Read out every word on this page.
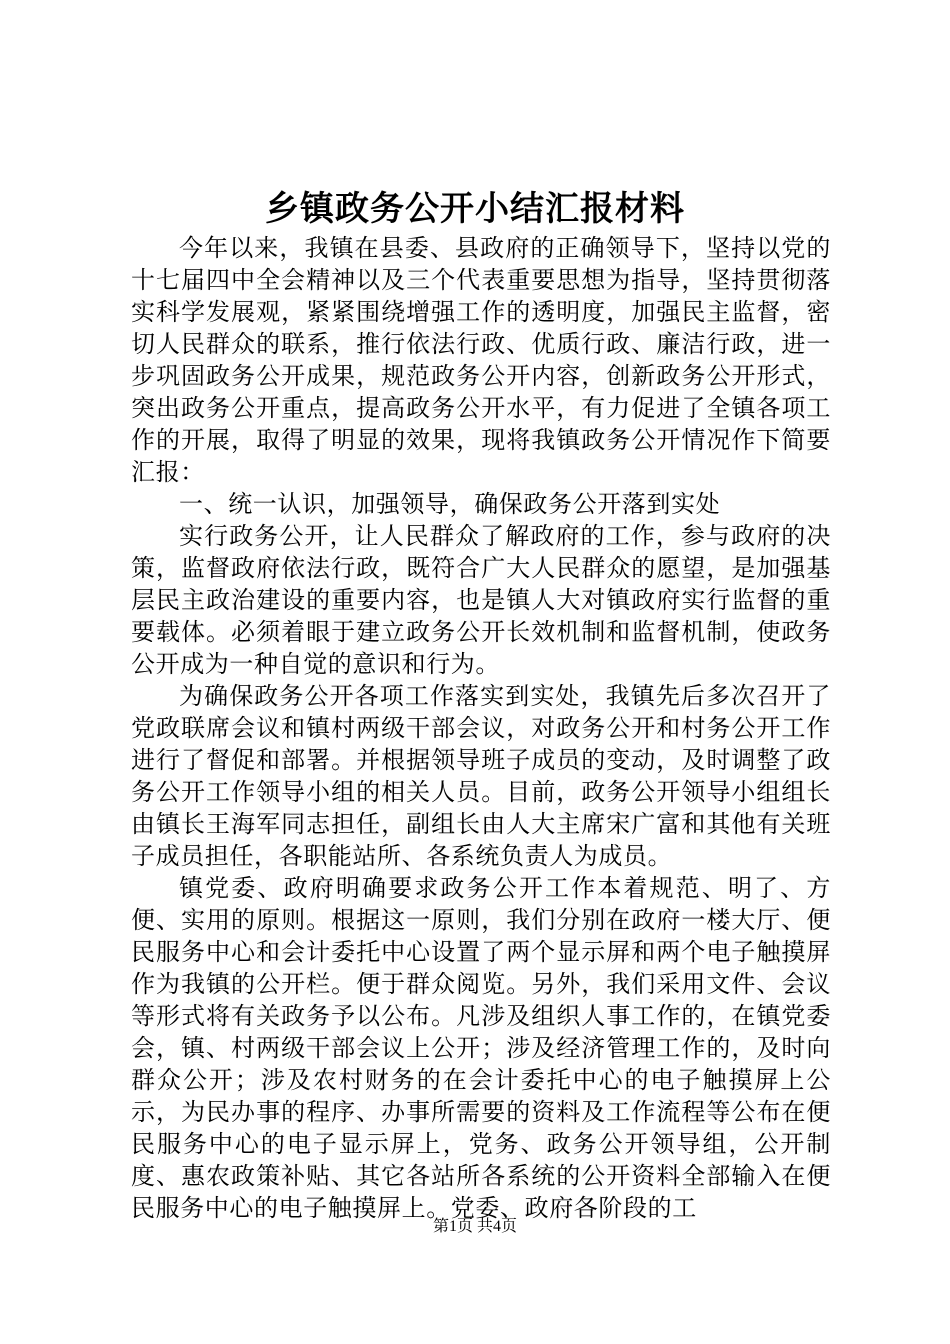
乡镇政务公开小结汇报材料

今年以来，我镇在县委、县政府的正确领导下，坚持以党的十七届四中全会精神以及三个代表重要思想为指导，坚持贯彻落实科学发展观，紧紧围绕增强工作的透明度，加强民主监督，密切人民群众的联系，推行依法行政、优质行政、廉洁行政，进一步巩固政务公开成果，规范政务公开内容，创新政务公开形式，突出政务公开重点，提高政务公开水平，有力促进了全镇各项工作的开展，取得了明显的效果，现将我镇政务公开情况作下简要汇报：

一、统一认识，加强领导，确保政务公开落到实处

实行政务公开，让人民群众了解政府的工作，参与政府的决策，监督政府依法行政，既符合广大人民群众的愿望，是加强基层民主政治建设的重要内容，也是镇人大对镇政府实行监督的重要载体。必须着眼于建立政务公开长效机制和监督机制，使政务公开成为一种自觉的意识和行为。

为确保政务公开各项工作落实到实处，我镇先后多次召开了党政联席会议和镇村两级干部会议，对政务公开和村务公开工作进行了督促和部署。并根据领导班子成员的变动，及时调整了政务公开工作领导小组的相关人员。目前，政务公开领导小组组长由镇长王海军同志担任，副组长由人大主席宋广富和其他有关班子成员担任，各职能站所、各系统负责人为成员。

镇党委、政府明确要求政务公开工作本着规范、明了、方便、实用的原则。根据这一原则，我们分别在政府一楼大厅、便民服务中心和会计委托中心设置了两个显示屏和两个电子触摸屏作为我镇的公开栏。便于群众阅览。另外，我们采用文件、会议等形式将有关政务予以公布。凡涉及组织人事工作的，在镇党委会，镇、村两级干部会议上公开；涉及经济管理工作的，及时向群众公开；涉及农村财务的在会计委托中心的电子触摸屏上公示，为民办事的程序、办事所需要的资料及工作流程等公布在便民服务中心的电子显示屏上，党务、政务公开领导组，公开制度、惠农政策补贴、其它各站所各系统的公开资料全部输入在便民服务中心的电子触摸屏上。党委、政府各阶段的工

第1页 共4页
